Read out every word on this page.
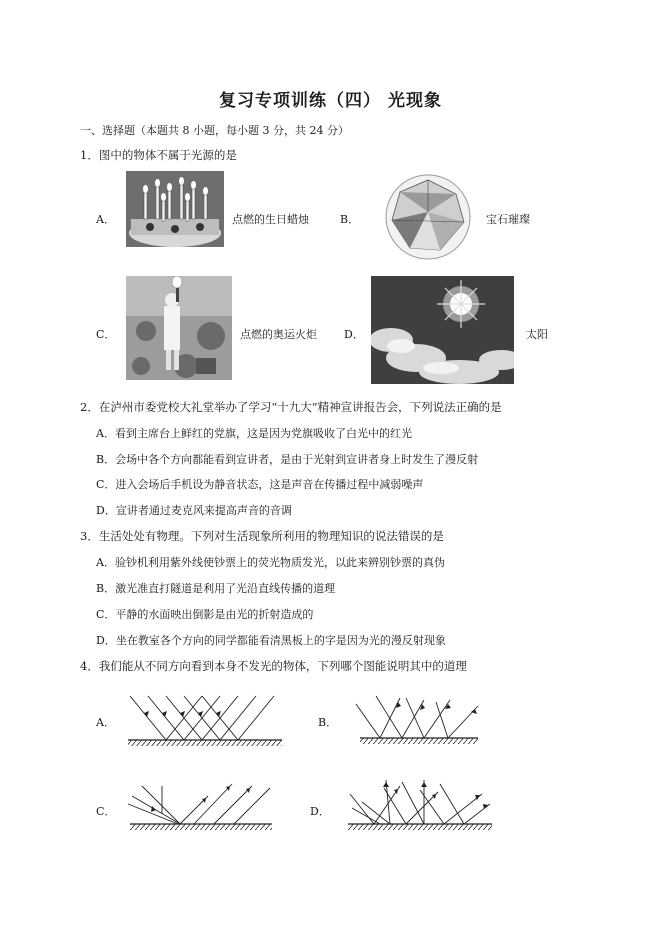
复习专项训练（四） 光现象
一、选择题（本题共 8 小题，每小题 3 分，共 24 分）
1．图中的物体不属于光源的是
A．	点燃的生日蜡烛	B．	宝石璀璨
C．	点燃的奥运火炬 D．	太阳
2．在泸州市委党校大礼堂举办了学习“十九大”精神宣讲报告会，下列说法正确的是
A．看到主席台上鲜红的党旗，这是因为党旗吸收了白光中的红光
B．会场中各个方向都能看到宣讲者，是由于光射到宣讲者身上时发生了漫反射
C．进入会场后手机设为静音状态，这是声音在传播过程中减弱噪声
D．宣讲者通过麦克风来提高声音的音调
3．生活处处有物理。下列对生活现象所利用的物理知识的说法错误的是
A．验钞机利用紫外线使钞票上的荧光物质发光，以此来辨别钞票的真伪
B．激光准直打隧道是利用了光沿直线传播的道理
C．平静的水面映出倒影是由光的折射造成的
D．坐在教室各个方向的同学都能看清黑板上的字是因为光的漫反射现象
4．我们能从不同方向看到本身不发光的物体，下列哪个图能说明其中的道理
A．	B．
C．	D．
